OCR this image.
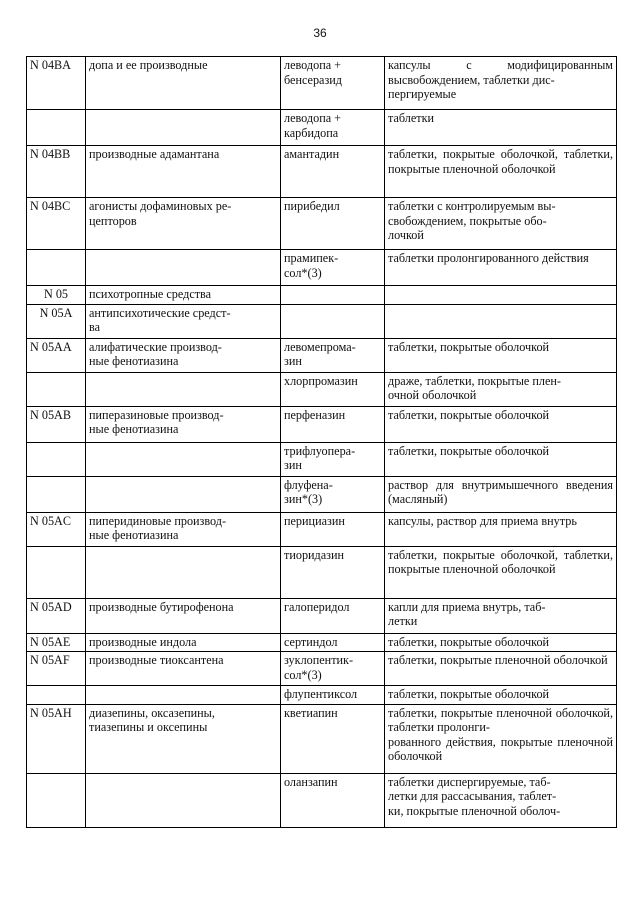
36
N 04BA	допа и ее производные	леводопа +
бенсеразид	капсулы с модифицированным высвобождением, таблетки дис-
пергируемые
		леводопа +
карбидопа	таблетки
N 04BB	производные адамантана	амантадин	таблетки, покрытые оболочкой, таблетки, покрытые пленочной оболочкой
N 04BC	агонисты дофаминовых ре-
цепторов	пирибедил	таблетки с контролируемым вы-
свобождением, покрытые обо-
лочкой
		прамипек-
сол*(3)	таблетки пролонгированного действия
N 05	психотропные средства		
N 05A	антипсихотические средст-
ва		
N 05AA	алифатические производ-
ные фенотиазина	левомепрома-
зин	таблетки, покрытые оболочкой
		хлорпромазин	драже, таблетки, покрытые плен-
очной оболочкой
N 05AB	пиперазиновые производ-
ные фенотиазина	перфеназин	таблетки, покрытые оболочкой
		трифлуопера-
зин	таблетки, покрытые оболочкой
		флуфена-
зин*(3)	раствор для внутримышечного введения (масляный)
N 05AC	пиперидиновые производ-
ные фенотиазина	перициазин	капсулы, раствор для приема внутрь
		тиоридазин	таблетки, покрытые оболочкой, таблетки, покрытые пленочной оболочкой
N 05AD	производные бутирофенона	галоперидол	капли для приема внутрь, таб-
летки
N 05AE	производные индола	сертиндол	таблетки, покрытые оболочкой
N 05AF	производные тиоксантена	зуклопентик-
сол*(3)	таблетки, покрытые пленочной оболочкой
		флупентиксол	таблетки, покрытые оболочкой
N 05AH	диазепины, оксазепины,
тиазепины и оксепины	кветиапин	таблетки, покрытые пленочной оболочкой, таблетки пролонги-
рованного действия, покрытые пленочной оболочкой
		оланзапин	таблетки диспергируемые, таб-
летки для рассасывания, таблет-
ки, покрытые пленочной оболоч-
